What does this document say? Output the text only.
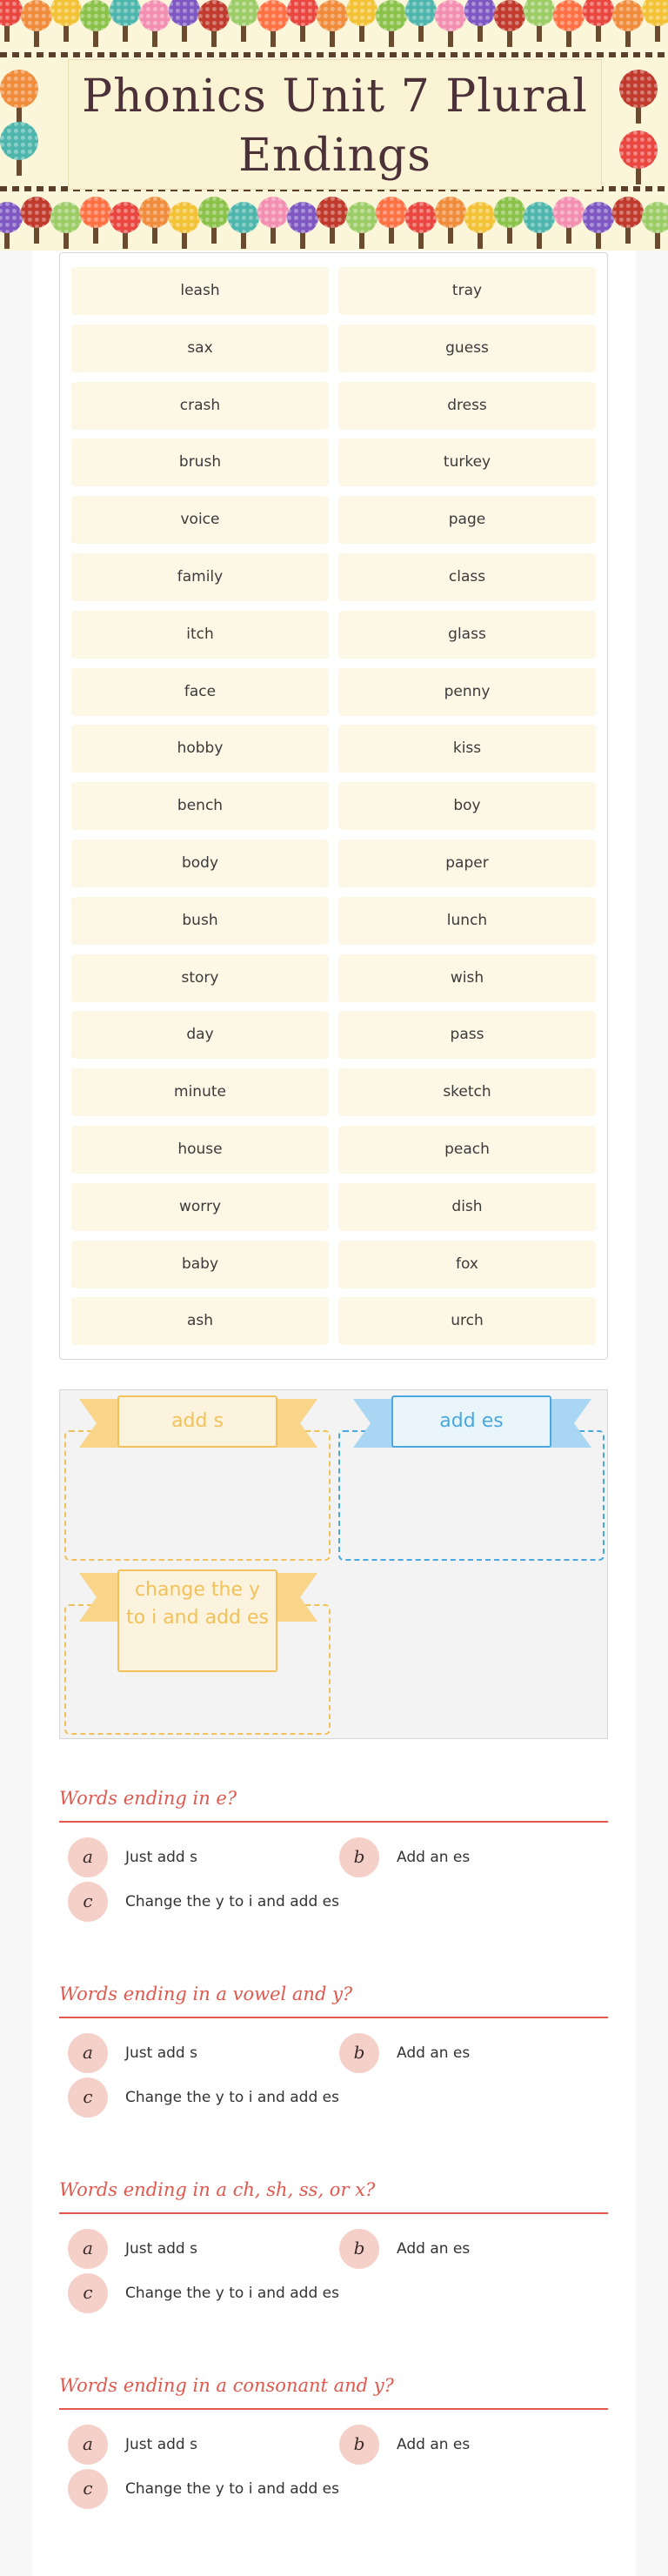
Phonics Unit 7 Plural Endings
leash
sax
crash
brush
voice
family
itch
face
hobby
bench
body
bush
story
day
minute
house
worry
baby
ash
tray
guess
dress
turkey
page
class
glass
penny
kiss
boy
paper
lunch
wish
pass
sketch
peach
dish
fox
urch
add s	add es
change the y to i and add es
Words ending in e?
a	Just add s	b	Add an es
c	Change the y to i and add es
Words ending in a vowel and y?
a	Just add s	b	Add an es
c	Change the y to i and add es
Words ending in a ch, sh, ss, or x?
a	Just add s	b	Add an es
c	Change the y to i and add es
Words ending in a consonant and y?
a	Just add s	b	Add an es
c	Change the y to i and add es
